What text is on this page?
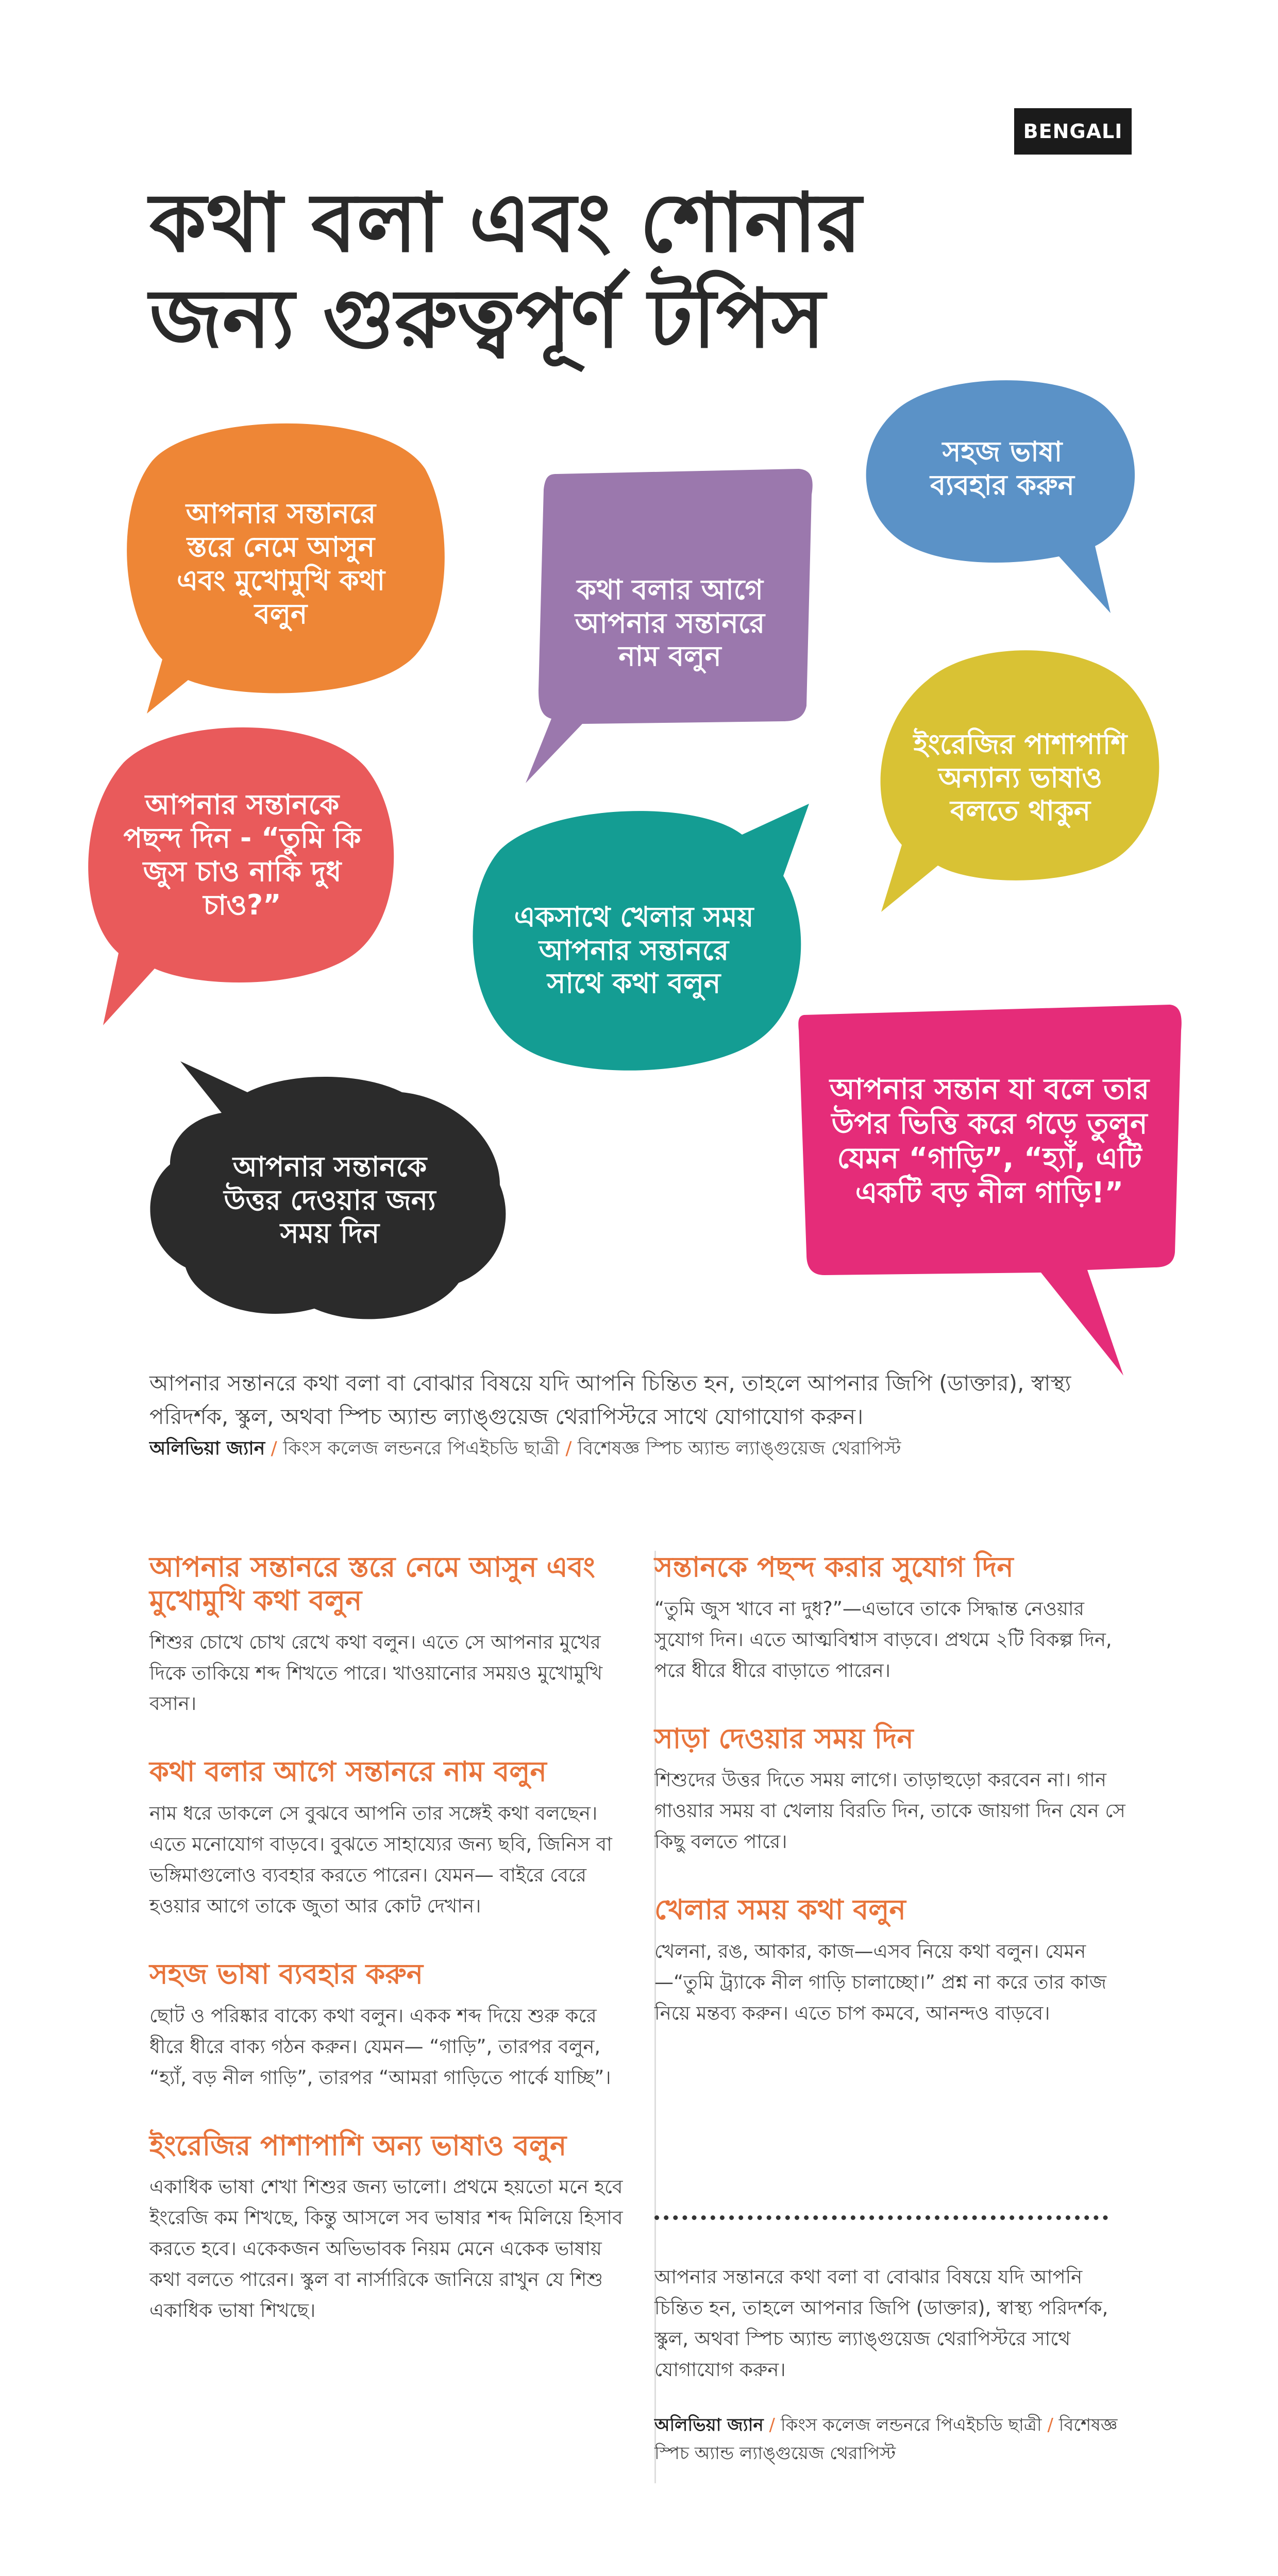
BENGALI
কথা বলা এবং শোনার
জন্য গুরুত্বপূর্ণ টপিস
আপনার সন্তানরে স্তরে নেমে আসুন এবং মুখোমুখি কথা বলুন
কথা বলার আগে আপনার সন্তানরে নাম বলুন
সহজ ভাষা ব্যবহার করুন
ইংরেজির পাশাপাশি অন্যান্য ভাষাও বলতে থাকুন
আপনার সন্তানকে পছন্দ দিন - “তুমি কি জুস চাও নাকি দুধ চাও?”	একসাথে খেলার সময় আপনার সন্তানরে সাথে কথা বলুন
আপনার সন্তান যা বলে তার উপর ভিত্তি করে গড়ে তুলুন যেমন “গাড়ি”, “হ্যাঁ, এটি একটি বড় নীল গাড়ি!”
আপনার সন্তানকে উত্তর দেওয়ার জন্য সময় দিন

আপনার সন্তানরে কথা বলা বা বোঝার বিষয়ে যদি আপনি চিন্তিত হন, তাহলে আপনার জিপি (ডাক্তার), স্বাস্থ্য পরিদর্শক, স্কুল, অথবা স্পিচ অ্যান্ড ল্যাঙ্গুয়েজ থেরাপিস্টরে সাথে যোগাযোগ করুন।

অলিভিয়া জ্যান / কিংস কলেজ লন্ডনরে পিএইচডি ছাত্রী / বিশেষজ্ঞ স্পিচ অ্যান্ড ল্যাঙ্গুয়েজ থেরাপিস্ট
আপনার সন্তানরে স্তরে নেমে আসুন এবং মুখোমুখি কথা বলুন

শিশুর চোখে চোখ রেখে কথা বলুন। এতে সে আপনার মুখের দিকে তাকিয়ে শব্দ শিখতে পারে। খাওয়ানোর সময়ও মুখোমুখি বসান।

কথা বলার আগে সন্তানরে নাম বলুন

নাম ধরে ডাকলে সে বুঝবে আপনি তার সঙ্গেই কথা বলছেন। এতে মনোযোগ বাড়বে। বুঝতে সাহায্যের জন্য ছবি, জিনিস বা ভঙ্গিমাগুলোও ব্যবহার করতে পারেন। যেমন— বাইরে বেরে হওয়ার আগে তাকে জুতা আর কোট দেখান।

সহজ ভাষা ব্যবহার করুন

ছোট ও পরিষ্কার বাক্যে কথা বলুন। একক শব্দ দিয়ে শুরু করে ধীরে ধীরে বাক্য গঠন করুন। যেমন— “গাড়ি”, তারপর বলুন, “হ্যাঁ, বড় নীল গাড়ি”, তারপর “আমরা গাড়িতে পার্কে যাচ্ছি”।

ইংরেজির পাশাপাশি অন্য ভাষাও বলুন

একাধিক ভাষা শেখা শিশুর জন্য ভালো। প্রথমে হয়তো মনে হবে ইংরেজি কম শিখছে, কিন্তু আসলে সব ভাষার শব্দ মিলিয়ে হিসাব করতে হবে। একেকজন অভিভাবক নিয়ম মেনে একেক ভাষায় কথা বলতে পারেন। স্কুল বা নার্সারিকে জানিয়ে রাখুন যে শিশু একাধিক ভাষা শিখছে।

সন্তানকে পছন্দ করার সুযোগ দিন

“তুমি জুস খাবে না দুধ?”—এভাবে তাকে সিদ্ধান্ত নেওয়ার সুযোগ দিন। এতে আত্মবিশ্বাস বাড়বে। প্রথমে ২টি বিকল্প দিন, পরে ধীরে ধীরে বাড়াতে পারেন।

সাড়া দেওয়ার সময় দিন

শিশুদের উত্তর দিতে সময় লাগে। তাড়াহুড়ো করবেন না। গান গাওয়ার সময় বা খেলায় বিরতি দিন, তাকে জায়গা দিন যেন সে কিছু বলতে পারে।

খেলার সময় কথা বলুন

খেলনা, রঙ, আকার, কাজ—এসব নিয়ে কথা বলুন। যেমন—“তুমি ট্র্যাকে নীল গাড়ি চালাচ্ছো।” প্রশ্ন না করে তার কাজ নিয়ে মন্তব্য করুন। এতে চাপ কমবে, আনন্দও বাড়বে।

আপনার সন্তানরে কথা বলা বা বোঝার বিষয়ে যদি আপনি চিন্তিত হন, তাহলে আপনার জিপি (ডাক্তার), স্বাস্থ্য পরিদর্শক, স্কুল, অথবা স্পিচ অ্যান্ড ল্যাঙ্গুয়েজ থেরাপিস্টরে সাথে যোগাযোগ করুন।

অলিভিয়া জ্যান / কিংস কলেজ লন্ডনরে পিএইচডি ছাত্রী / বিশেষজ্ঞ স্পিচ অ্যান্ড ল্যাঙ্গুয়েজ থেরাপিস্ট
